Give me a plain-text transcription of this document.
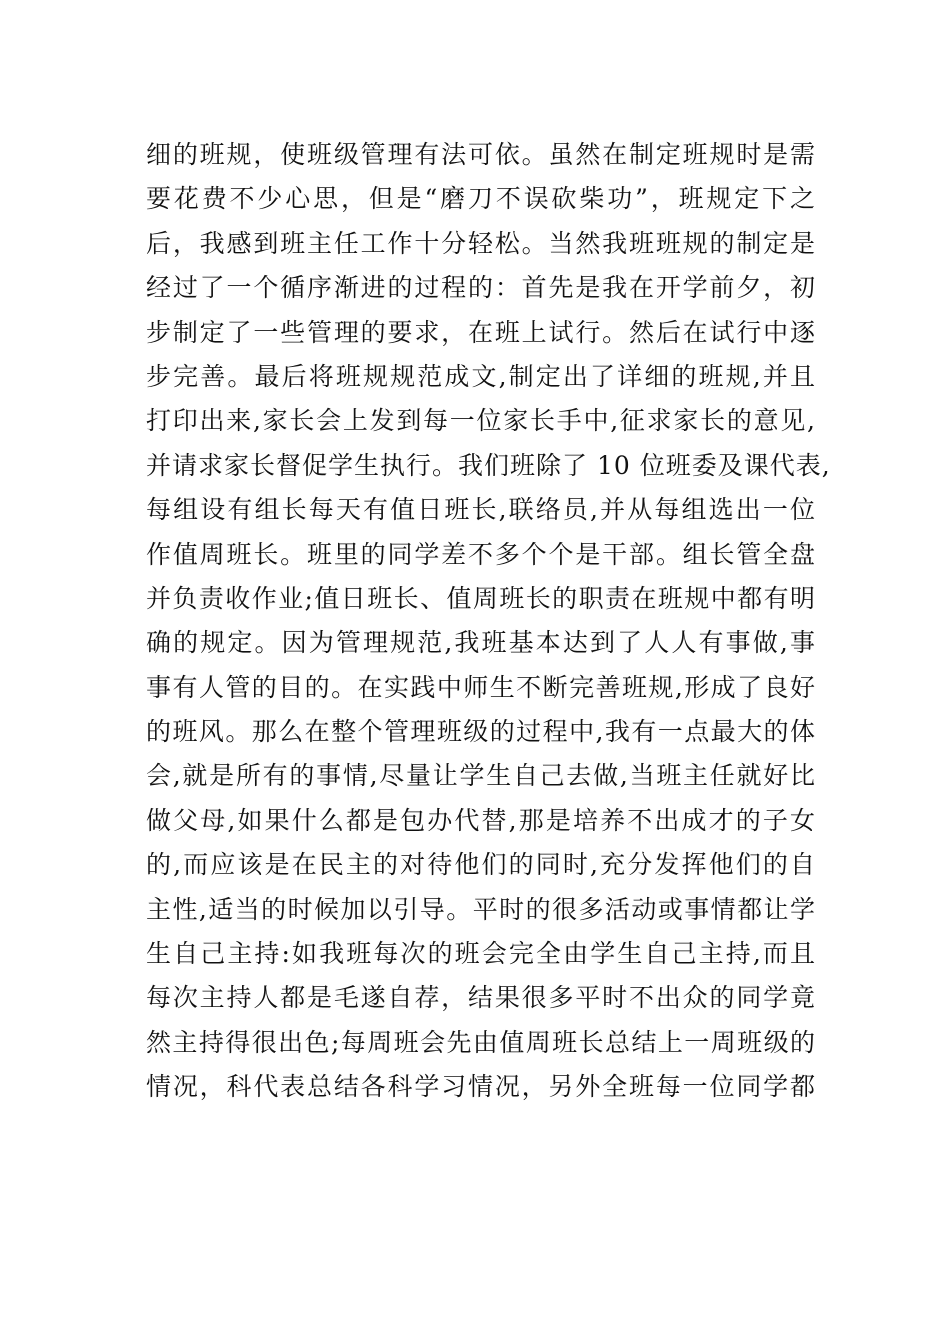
细的班规，使班级管理有法可依。虽然在制定班规时是需
要花费不少心思，但是“磨刀不误砍柴功”，班规定下之
后，我感到班主任工作十分轻松。当然我班班规的制定是
经过了一个循序渐进的过程的：首先是我在开学前夕，初
步制定了一些管理的要求，在班上试行。然后在试行中逐
步完善。最后将班规规范成文,制定出了详细的班规,并且
打印出来,家长会上发到每一位家长手中,征求家长的意见,
并请求家长督促学生执行。我们班除了 10 位班委及课代表,
每组设有组长每天有值日班长,联络员,并从每组选出一位
作值周班长。班里的同学差不多个个是干部。组长管全盘
并负责收作业;值日班长、值周班长的职责在班规中都有明
确的规定。因为管理规范,我班基本达到了人人有事做,事
事有人管的目的。在实践中师生不断完善班规,形成了良好
的班风。那么在整个管理班级的过程中,我有一点最大的体
会,就是所有的事情,尽量让学生自己去做,当班主任就好比
做父母,如果什么都是包办代替,那是培养不出成才的子女
的,而应该是在民主的对待他们的同时,充分发挥他们的自
主性,适当的时候加以引导。平时的很多活动或事情都让学
生自己主持:如我班每次的班会完全由学生自己主持,而且
每次主持人都是毛遂自荐，结果很多平时不出众的同学竟
然主持得很出色;每周班会先由值周班长总结上一周班级的
情况，科代表总结各科学习情况，另外全班每一位同学都
